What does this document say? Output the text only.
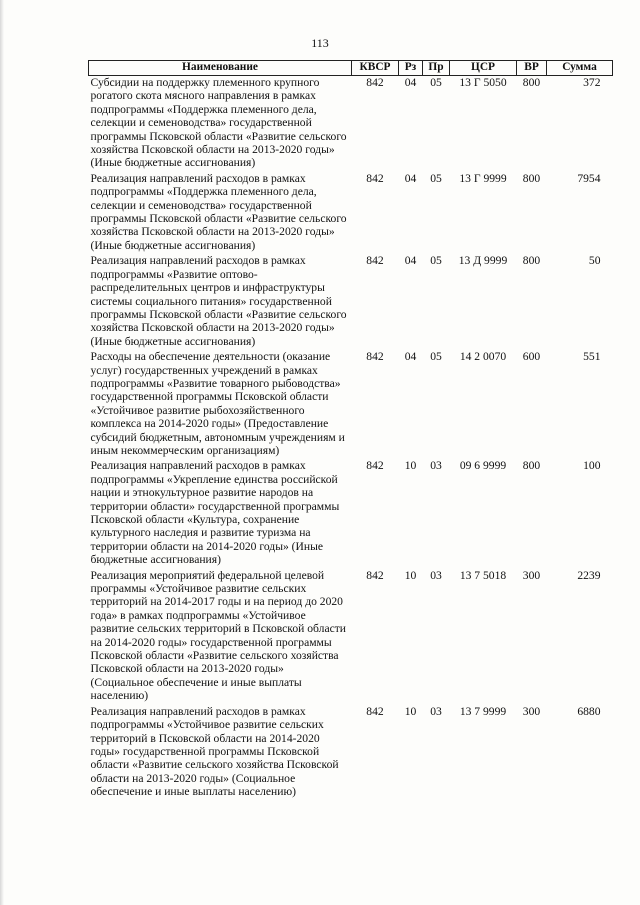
113
Наименование	КВСР	Рз	Пр	ЦСР	ВР	Сумма
Субсидии на поддержку племенного крупного рогатого скота мясного направления в рамках подпрограммы «Поддержка племенного дела, селекции и семеноводства» государственной программы Псковской области «Развитие сельского хозяйства Псковской области на 2013-2020 годы» (Иные бюджетные ассигнования)	842	04	05	13 Г 5050	800	372
Реализация направлений расходов в рамках подпрограммы «Поддержка племенного дела, селекции и семеноводства» государственной программы Псковской области «Развитие сельского хозяйства Псковской области на 2013-2020 годы» (Иные бюджетные ассигнования)	842	04	05	13 Г 9999	800	7954
Реализация направлений расходов в рамках подпрограммы «Развитие оптово-распределительных центров и инфраструктуры системы социального питания» государственной программы Псковской области «Развитие сельского хозяйства Псковской области на 2013-2020 годы» (Иные бюджетные ассигнования)	842	04	05	13 Д 9999	800	50
Расходы на обеспечение деятельности (оказание услуг) государственных учреждений в рамках подпрограммы «Развитие товарного рыбоводства» государственной программы Псковской области «Устойчивое развитие рыбохозяйственного комплекса на 2014-2020 годы» (Предоставление субсидий бюджетным, автономным учреждениям и иным некоммерческим организациям)	842	04	05	14 2 0070	600	551
Реализация направлений расходов в рамках подпрограммы «Укрепление единства российской нации и этнокультурное развитие народов на территории области» государственной программы Псковской области «Культура, сохранение культурного наследия и развитие туризма на территории области на 2014-2020 годы» (Иные бюджетные ассигнования)	842	10	03	09 6 9999	800	100
Реализация мероприятий федеральной целевой программы «Устойчивое развитие сельских территорий на 2014-2017 годы и на период до 2020 года» в рамках подпрограммы «Устойчивое развитие сельских территорий в Псковской области на 2014-2020 годы» государственной программы Псковской области «Развитие сельского хозяйства Псковской области на 2013-2020 годы» (Социальное обеспечение и иные выплаты населению)	842	10	03	13 7 5018	300	2239
Реализация направлений расходов в рамках подпрограммы «Устойчивое развитие сельских территорий в Псковской области на 2014-2020 годы» государственной программы Псковской области «Развитие сельского хозяйства Псковской области на 2013-2020 годы» (Социальное обеспечение и иные выплаты населению)	842	10	03	13 7 9999	300	6880
